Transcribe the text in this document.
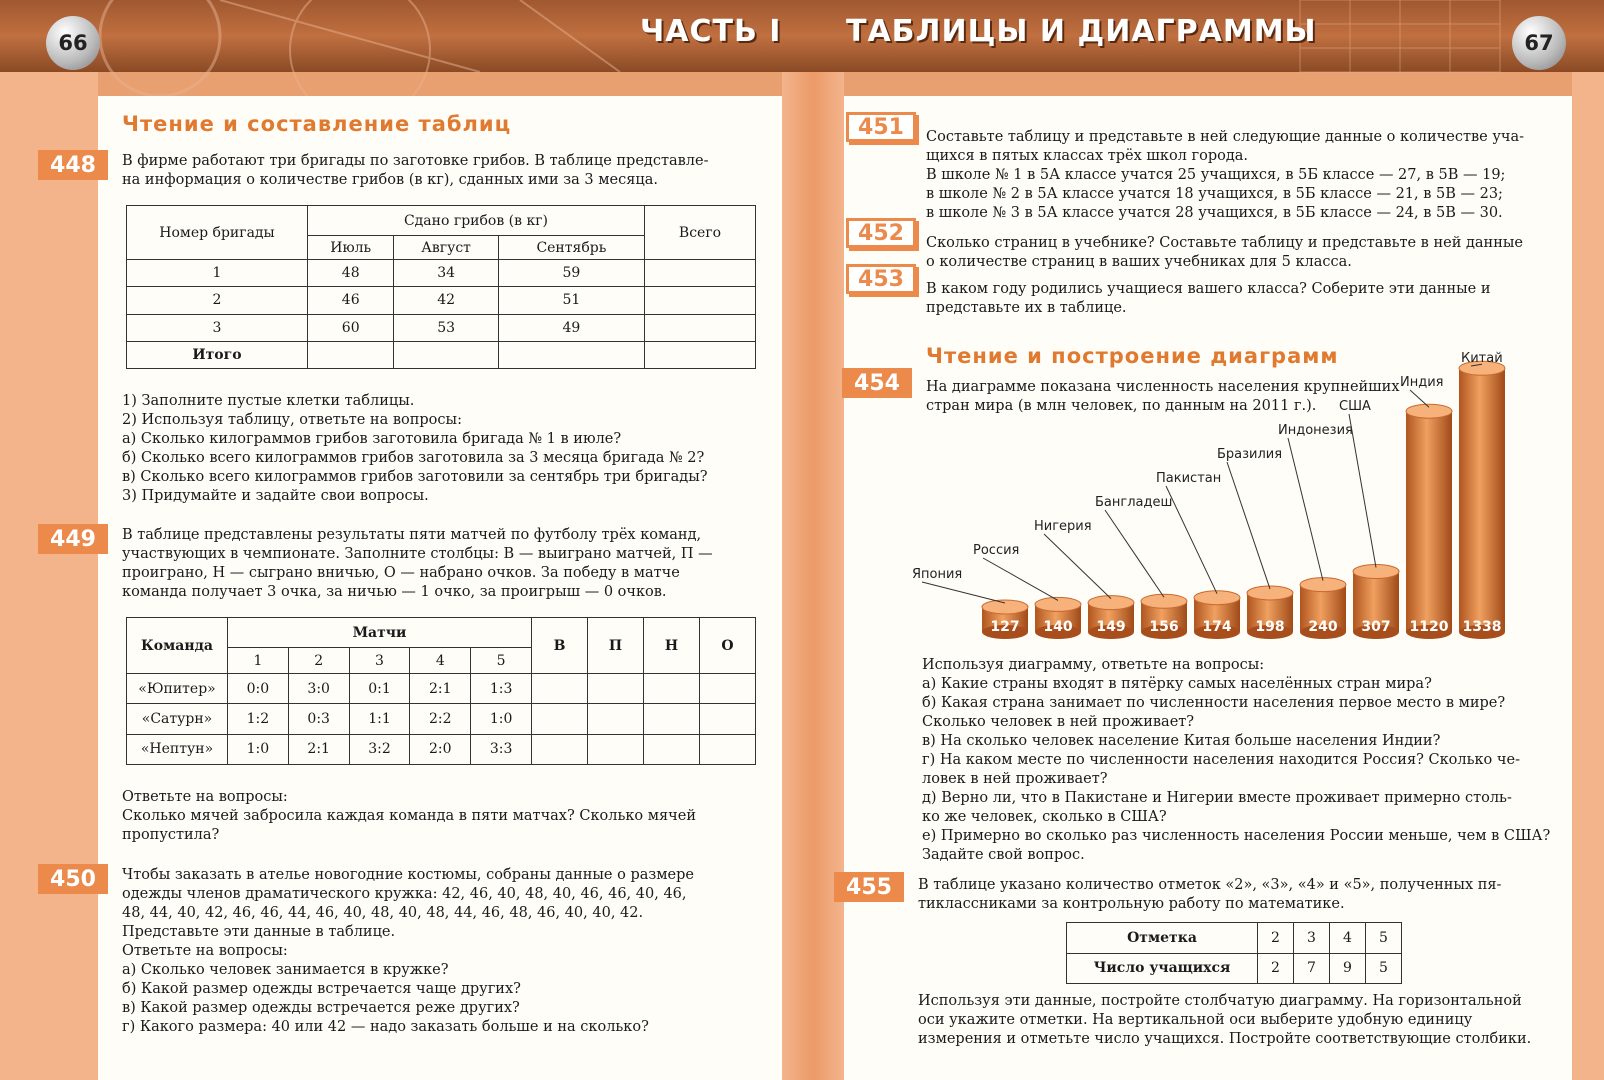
66	ЧАСТЬ I ТАБЛИЦЫ И ДИАГРАММЫ	67
Чтение и составление таблиц
448	В фирме работают три бригады по заготовке грибов. В таблице представле-
на информация о количестве грибов (в кг), сданных ими за 3 месяца.
Номер бригады	Сдано грибов (в кг)			Всего
	Июль	Август	Сентябрь	
1	48	34	59	
2	46	42	51	
3	60	53	49	
Итого				
1) Заполните пустые клетки таблицы.
2) Используя таблицу, ответьте на вопросы:
а) Сколько килограммов грибов заготовила бригада № 1 в июле?
б) Сколько всего килограммов грибов заготовила за 3 месяца бригада № 2?
в) Сколько всего килограммов грибов заготовили за сентябрь три бригады?
3) Придумайте и задайте свои вопросы.
449	В таблице представлены результаты пяти матчей по футболу трёх команд,
участвующих в чемпионате. Заполните столбцы: В — выиграно матчей, П —
проиграно, Н — сыграно вничью, О — набрано очков. За победу в матче
команда получает 3 очка, за ничью — 1 очко, за проигрыш — 0 очков.
Команда	Матчи					В	П	Н	О
	1	2	3	4	5				
«Юпитер»	0:0	3:0	0:1	2:1	1:3				
«Сатурн»	1:2	0:3	1:1	2:2	1:0				
«Нептун»	1:0	2:1	3:2	2:0	3:3				
Ответьте на вопросы:
Сколько мячей забросила каждая команда в пяти матчах? Сколько мячей
пропустила?
450	Чтобы заказать в ателье новогодние костюмы, собраны данные о размере
одежды членов драматического кружка: 42, 46, 40, 48, 40, 46, 46, 40, 46,
48, 44, 40, 42, 46, 46, 44, 46, 40, 48, 40, 48, 44, 46, 48, 46, 40, 40, 42.
Представьте эти данные в таблице.
Ответьте на вопросы:
а) Сколько человек занимается в кружке?
б) Какой размер одежды встречается чаще других?
в) Какой размер одежды встречается реже других?
г) Какого размера: 40 или 42 — надо заказать больше и на сколько?
451	Составьте таблицу и представьте в ней следующие данные о количестве уча-
щихся в пятых классах трёх школ города.
В школе № 1 в 5А классе учатся 25 учащихся, в 5Б классе — 27, в 5В — 19;
в школе № 2 в 5А классе учатся 18 учащихся, в 5Б классе — 21, в 5В — 23;
в школе № 3 в 5А классе учатся 28 учащихся, в 5Б классе — 24, в 5В — 30.
452	Сколько страниц в учебнике? Составьте таблицу и представьте в ней данные
о количестве страниц в ваших учебниках для 5 класса.
453	В каком году родились учащиеся вашего класса? Соберите эти данные и
представьте их в таблице.
Чтение и построение диаграмм
454	На диаграмме показана численность населения крупнейших
стран мира (в млн человек, по данным на 2011 г.).
127
Япония
140
Россия
149
Нигерия
156
Бангладеш
174
Пакистан
198
Бразилия
240
Индонезия
307
США
1120
Индия
1338
Китай
Используя диаграмму, ответьте на вопросы:
а) Какие страны входят в пятёрку самых населённых стран мира?
б) Какая страна занимает по численности населения первое место в мире?
Сколько человек в ней проживает?
в) На сколько человек население Китая больше населения Индии?
г) На каком месте по численности населения находится Россия? Сколько че-
ловек в ней проживает?
д) Верно ли, что в Пакистане и Нигерии вместе проживает примерно столь-
ко же человек, сколько в США?
е) Примерно во сколько раз численность населения России меньше, чем в США?
Задайте свой вопрос.
455	В таблице указано количество отметок «2», «3», «4» и «5», полученных пя-
тиклассниками за контрольную работу по математике.
Отметка	2	3	4	5
Число учащихся	2	7	9	5
Используя эти данные, постройте столбчатую диаграмму. На горизонтальной
оси укажите отметки. На вертикальной оси выберите удобную единицу
измерения и отметьте число учащихся. Постройте соответствующие столбики.
